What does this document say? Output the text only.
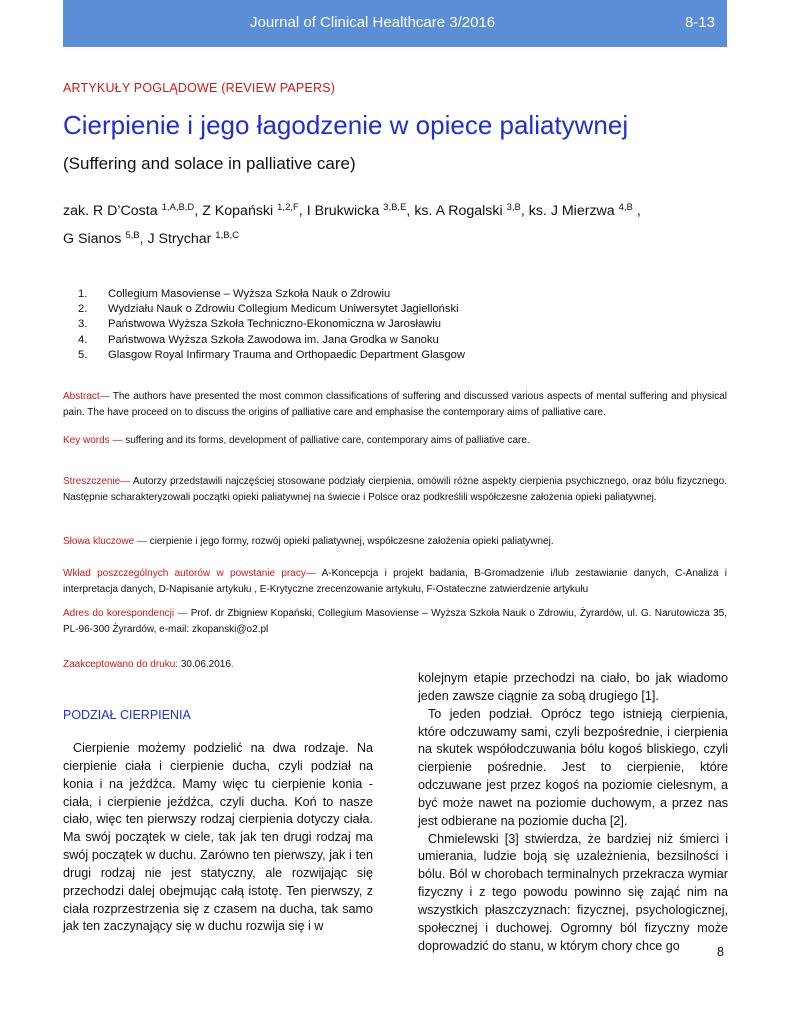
Journal of Clinical Healthcare 3/2016	8-13
ARTYKUŁY POGLĄDOWE (REVIEW PAPERS)
Cierpienie i jego łagodzenie w opiece paliatywnej
(Suffering and solace in palliative care)
zak. R D’Costa $^{1,A,B,D}$, Z Kopański $^{1,2,F}$, I Brukwicka $^{3,B,E}$, ks. A Rogalski $^{3,B}$, ks. J Mierzwa $^{4,B}$ ,
G Sianos $^{5,B}$, J Strychar $^{1,B,C}$
1. Collegium Masoviense – Wyższa Szkoła Nauk o Zdrowiu
2. Wydziału Nauk o Zdrowiu Collegium Medicum Uniwersytet Jagielloński
3. Państwowa Wyższa Szkoła Techniczno-Ekonomiczna w Jarosławiu
4. Państwowa Wyższa Szkoła Zawodowa im. Jana Grodka w Sanoku
5. Glasgow Royal Infirmary Trauma and Orthopaedic Department Glasgow
Abstract— The authors have presented the most common classifications of suffering and discussed various aspects of mental suffering and physical pain. The have proceed on to discuss the origins of palliative care and emphasise the contemporary aims of palliative care.
Key words — suffering and its forms, development of palliative care, contemporary aims of palliative care.
Streszczenie— Autorzy przedstawili najczęściej stosowane podziały cierpienia, omówili różne aspekty cierpienia psychicznego, oraz bólu fizycznego. Następnie scharakteryzowali początki opieki paliatywnej na świecie i Polsce oraz podkreślili współczesne założenia opieki paliatywnej.
Słowa kluczowe — cierpienie i jego formy, rozwój opieki paliatywnej, współczesne założenia opieki paliatywnej.
Wkład poszczególnych autorów w powstanie pracy— A-Koncepcja i projekt badania, B-Gromadzenie i/lub zestawianie danych, C-Analiza i interpretacja danych, D-Napisanie artykułu , E-Krytyczne zrecenzowanie artykułu, F-Ostateczne zatwierdzenie artykułu
Adres do korespondencji — Prof. dr Zbigniew Kopański, Collegium Masoviense – Wyższa Szkoła Nauk o Zdrowiu, Żyrardów, ul. G. Narutowicza 35, PL-96-300 Żyrardów, e-mail: zkopanski@o2.pl
Zaakceptowano do druku: 30.06.2016.
PODZIAŁ CIERPIENIA

Cierpienie możemy podzielić na dwa rodzaje. Na cierpienie ciała i cierpienie ducha, czyli podział na konia i na jeźdźca. Mamy więc tu cierpienie konia - ciała, i cierpienie jeźdźca, czyli ducha. Koń to nasze ciało, więc ten pierwszy rodzaj cierpienia dotyczy ciała. Ma swój początek w ciele, tak jak ten drugi rodzaj ma swój początek w duchu. Zarówno ten pierwszy, jak i ten drugi rodzaj nie jest statyczny, ale rozwijając się przechodzi dalej obejmując całą istotę. Ten pierwszy, z ciała rozprzestrzenia się z czasem na ducha, tak samo jak ten zaczynający się w duchu rozwija się i w

kolejnym etapie przechodzi na ciało, bo jak wiadomo jeden zawsze ciągnie za sobą drugiego [1].

To jeden podział. Oprócz tego istnieją cierpienia, które odczuwamy sami, czyli bezpośrednie, i cierpienia na skutek współodczuwania bólu kogoś bliskiego, czyli cierpienie pośrednie. Jest to cierpienie, które odczuwane jest przez kogoś na poziomie cielesnym, a być może nawet na poziomie duchowym, a przez nas jest odbierane na poziomie ducha [2].

Chmielewski [3] stwierdza, że bardziej niż śmierci i umierania, ludzie boją się uzależnienia, bezsilności i bólu. Ból w chorobach terminalnych przekracza wymiar fizyczny i z tego powodu powinno się zająć nim na wszystkich płaszczyznach: fizycznej, psychologicznej, społecznej i duchowej. Ogromny ból fizyczny może doprowadzić do stanu, w którym chory chce go	8
